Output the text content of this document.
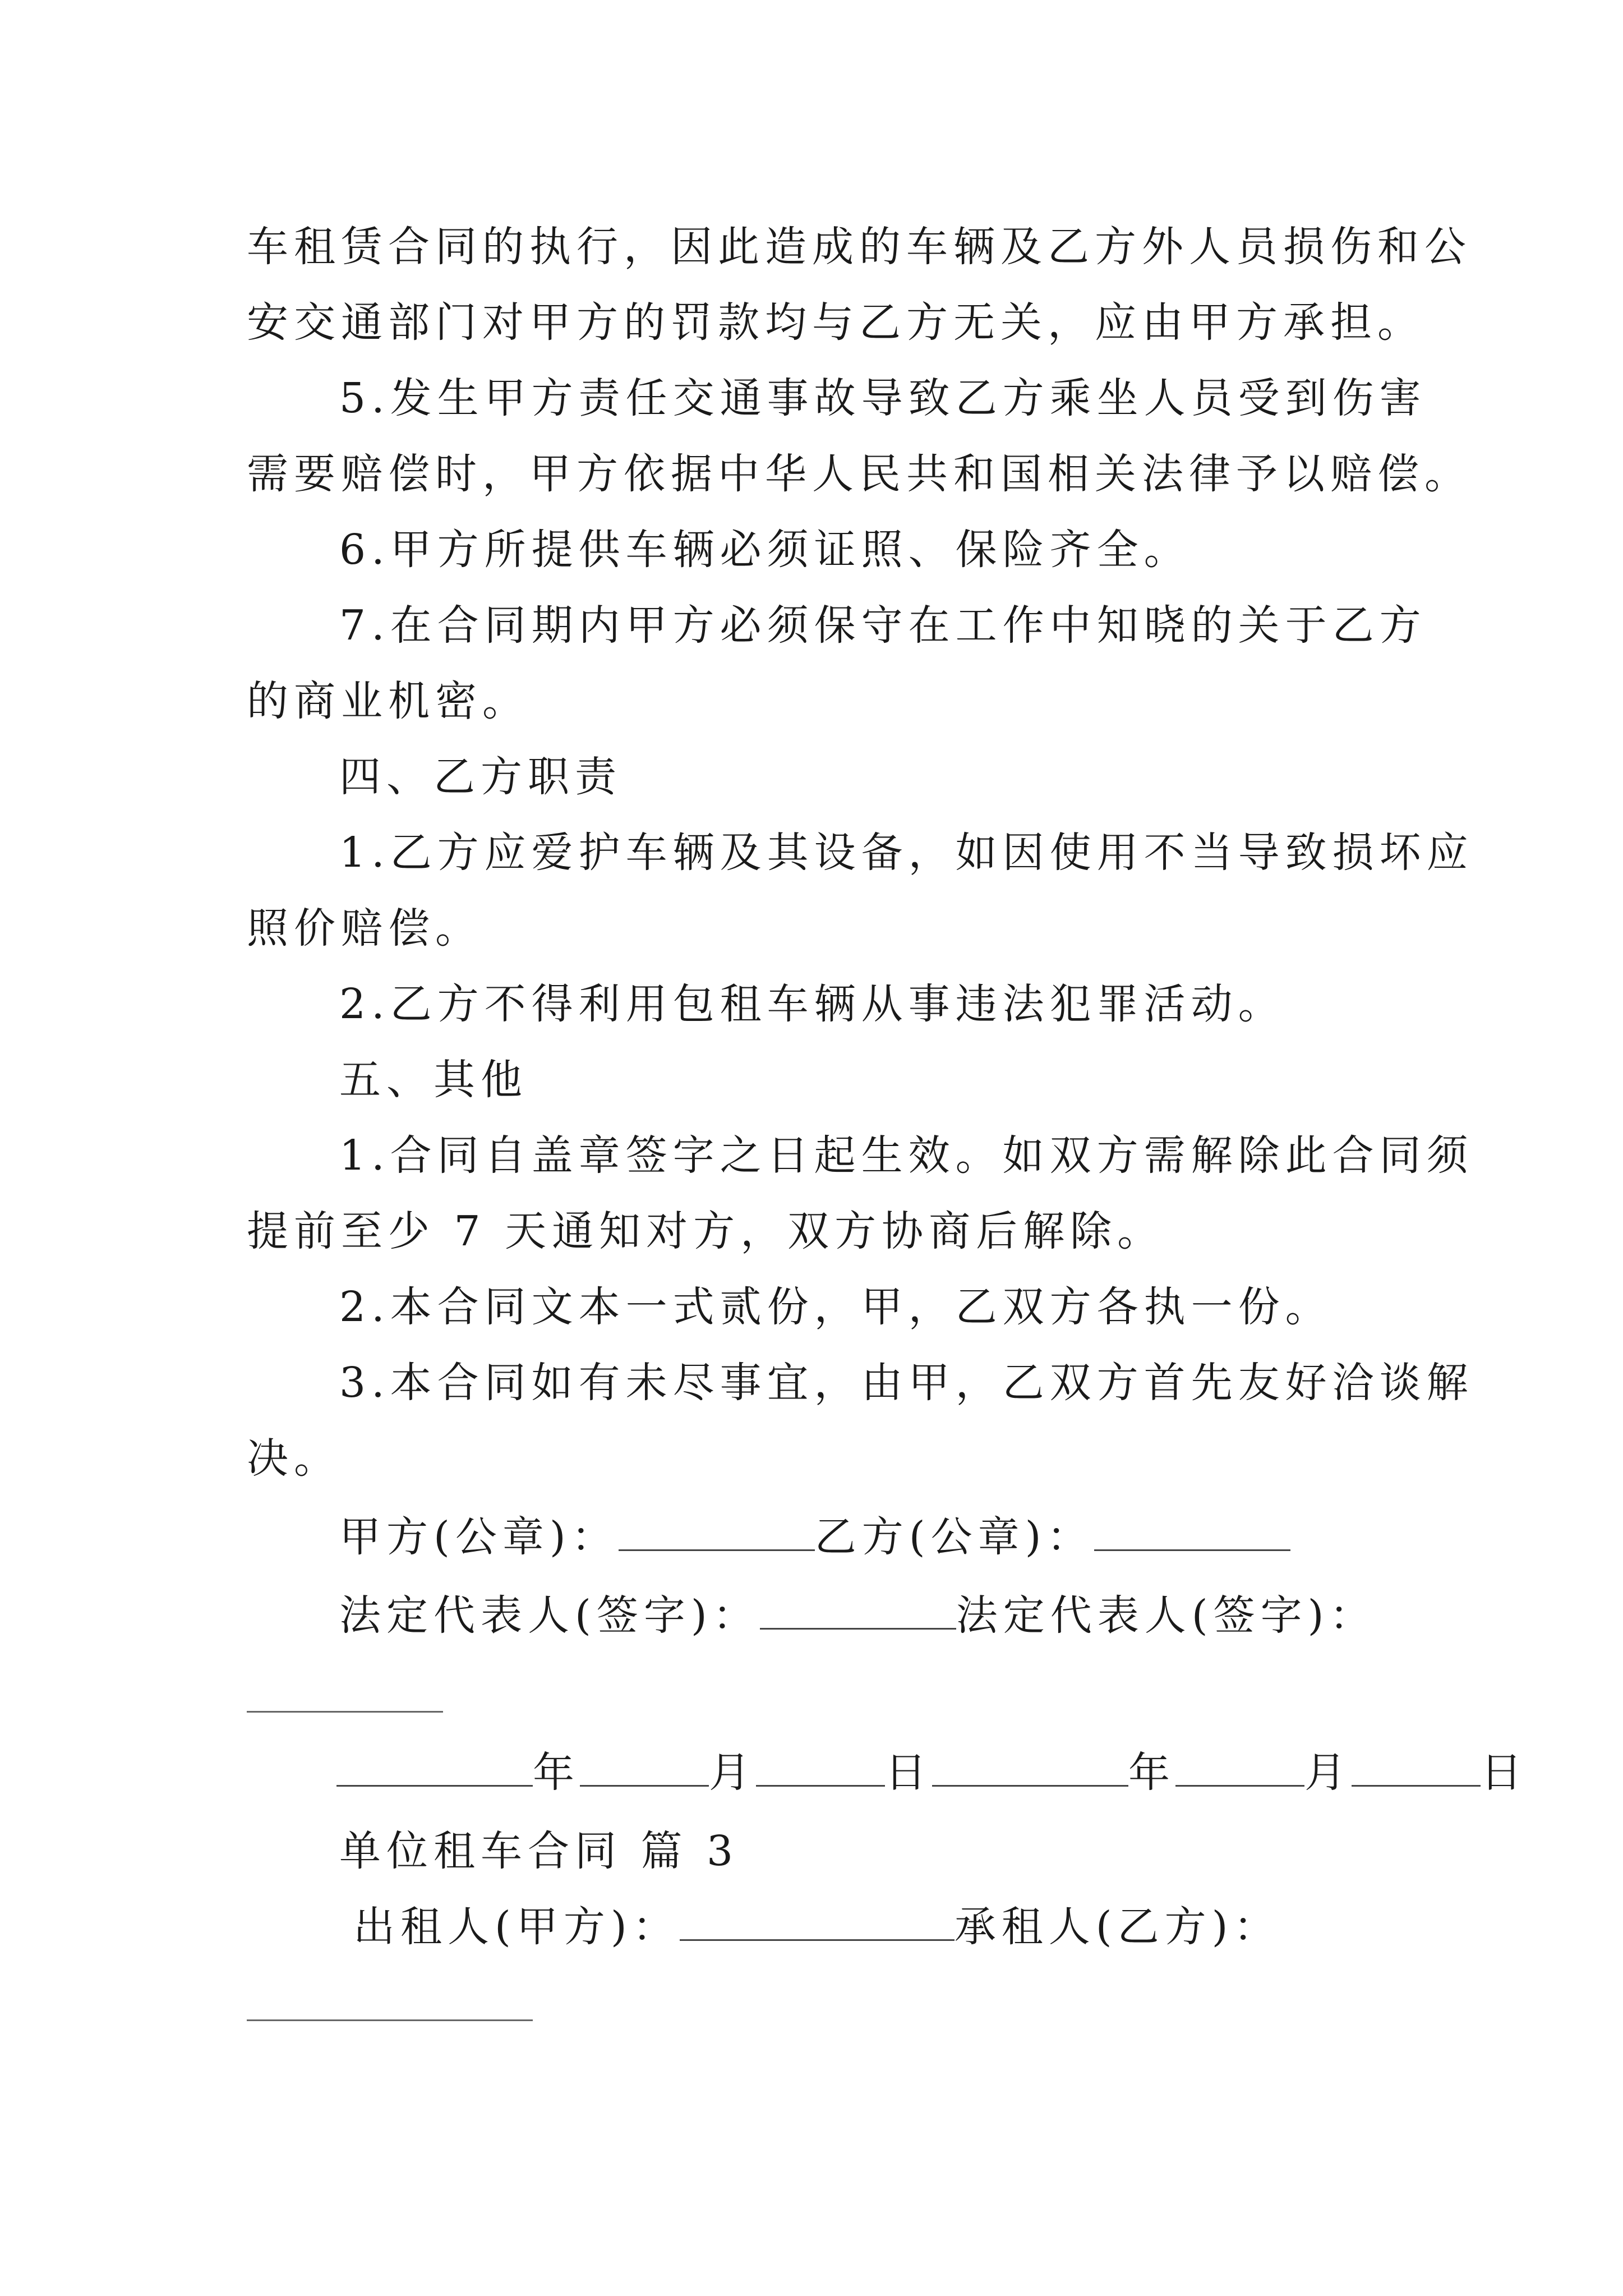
车租赁合同的执行，因此造成的车辆及乙方外人员损伤和公
安交通部门对甲方的罚款均与乙方无关，应由甲方承担。
5.发生甲方责任交通事故导致乙方乘坐人员受到伤害
需要赔偿时，甲方依据中华人民共和国相关法律予以赔偿。
6.甲方所提供车辆必须证照、保险齐全。
7.在合同期内甲方必须保守在工作中知晓的关于乙方
的商业机密。
四、乙方职责
1.乙方应爱护车辆及其设备，如因使用不当导致损坏应
照价赔偿。
2.乙方不得利用包租车辆从事违法犯罪活动。
五、其他
1.合同自盖章签字之日起生效。如双方需解除此合同须
提前至少 7 天通知对方，双方协商后解除。
2.本合同文本一式贰份，甲，乙双方各执一份。
3.本合同如有未尽事宜，由甲，乙双方首先友好洽谈解
决。
甲方(公章)：	乙方(公章)：
法定代表人(签字)：	法定代表人(签字)：
年	月	日	年	月	日
单位租车合同 篇 3
出租人(甲方)：	承租人(乙方)：
